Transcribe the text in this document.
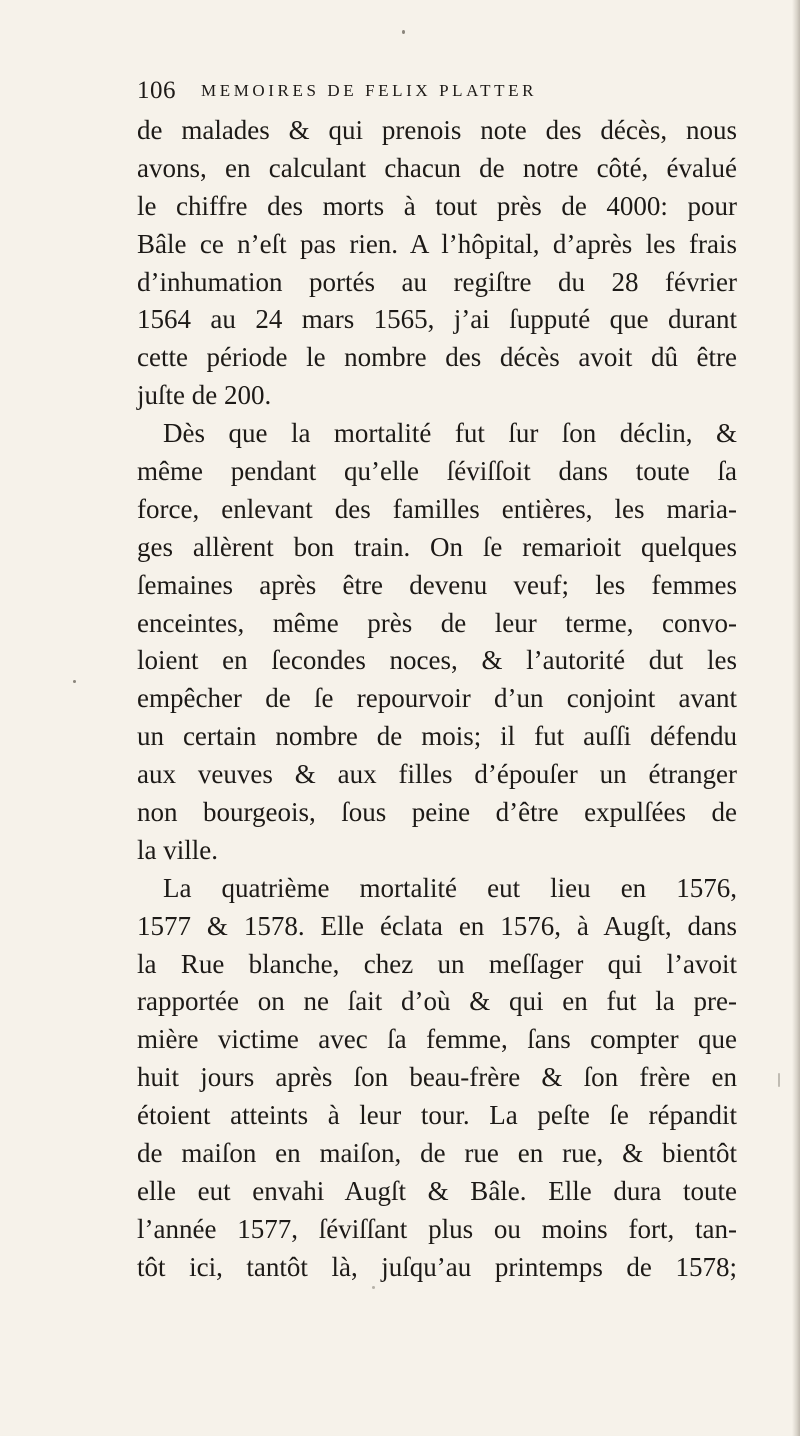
106 MEMOIRES DE FELIX PLATTER
de malades & qui prenois note des décès, nous
avons, en calculant chacun de notre côté, évalué
le chiffre des morts à tout près de 4000: pour
Bâle ce n’eſt pas rien. A l’hôpital, d’après les frais
d’inhumation portés au regiſtre du 28 février
1564 au 24 mars 1565, j’ai ſupputé que durant
cette période le nombre des décès avoit dû être
juſte de 200.
Dès que la mortalité fut ſur ſon déclin, &
même pendant qu’elle ſéviſſoit dans toute ſa
force, enlevant des familles entières, les maria-
ges allèrent bon train. On ſe remarioit quelques
ſemaines après être devenu veuf; les femmes
enceintes, même près de leur terme, convo-
loient en ſecondes noces, & l’autorité dut les
empêcher de ſe repourvoir d’un conjoint avant
un certain nombre de mois; il fut auſſi défendu
aux veuves & aux filles d’épouſer un étranger
non bourgeois, ſous peine d’être expulſées de
la ville.
La quatrième mortalité eut lieu en 1576,
1577 & 1578. Elle éclata en 1576, à Augſt, dans
la Rue blanche, chez un meſſager qui l’avoit
rapportée on ne ſait d’où & qui en fut la pre-
mière victime avec ſa femme, ſans compter que
huit jours après ſon beau-frère & ſon frère en
étoient atteints à leur tour. La peſte ſe répandit
de maiſon en maiſon, de rue en rue, & bientôt
elle eut envahi Augſt & Bâle. Elle dura toute
l’année 1577, ſéviſſant plus ou moins fort, tan-
tôt ici, tantôt là, juſqu’au printemps de 1578;
